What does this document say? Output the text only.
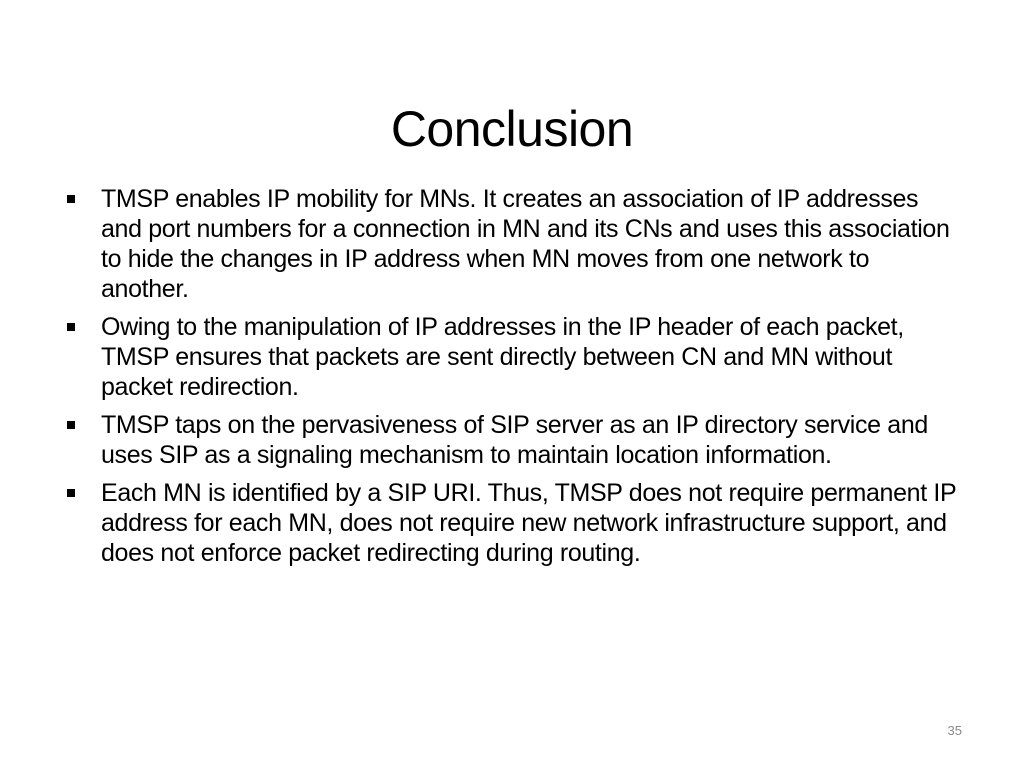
Conclusion
TMSP enables IP mobility for MNs. It creates an association of IP addresses and port numbers for a connection in MN and its CNs and uses this association to hide the changes in IP address when MN moves from one network to another.
Owing to the manipulation of IP addresses in the IP header of each packet, TMSP ensures that packets are sent directly between CN and MN without packet redirection.
TMSP taps on the pervasiveness of SIP server as an IP directory service and uses SIP as a signaling mechanism to maintain location information.
Each MN is identified by a SIP URI. Thus, TMSP does not require permanent IP address for each MN, does not require new network infrastructure support, and does not enforce packet redirecting during routing.
35
